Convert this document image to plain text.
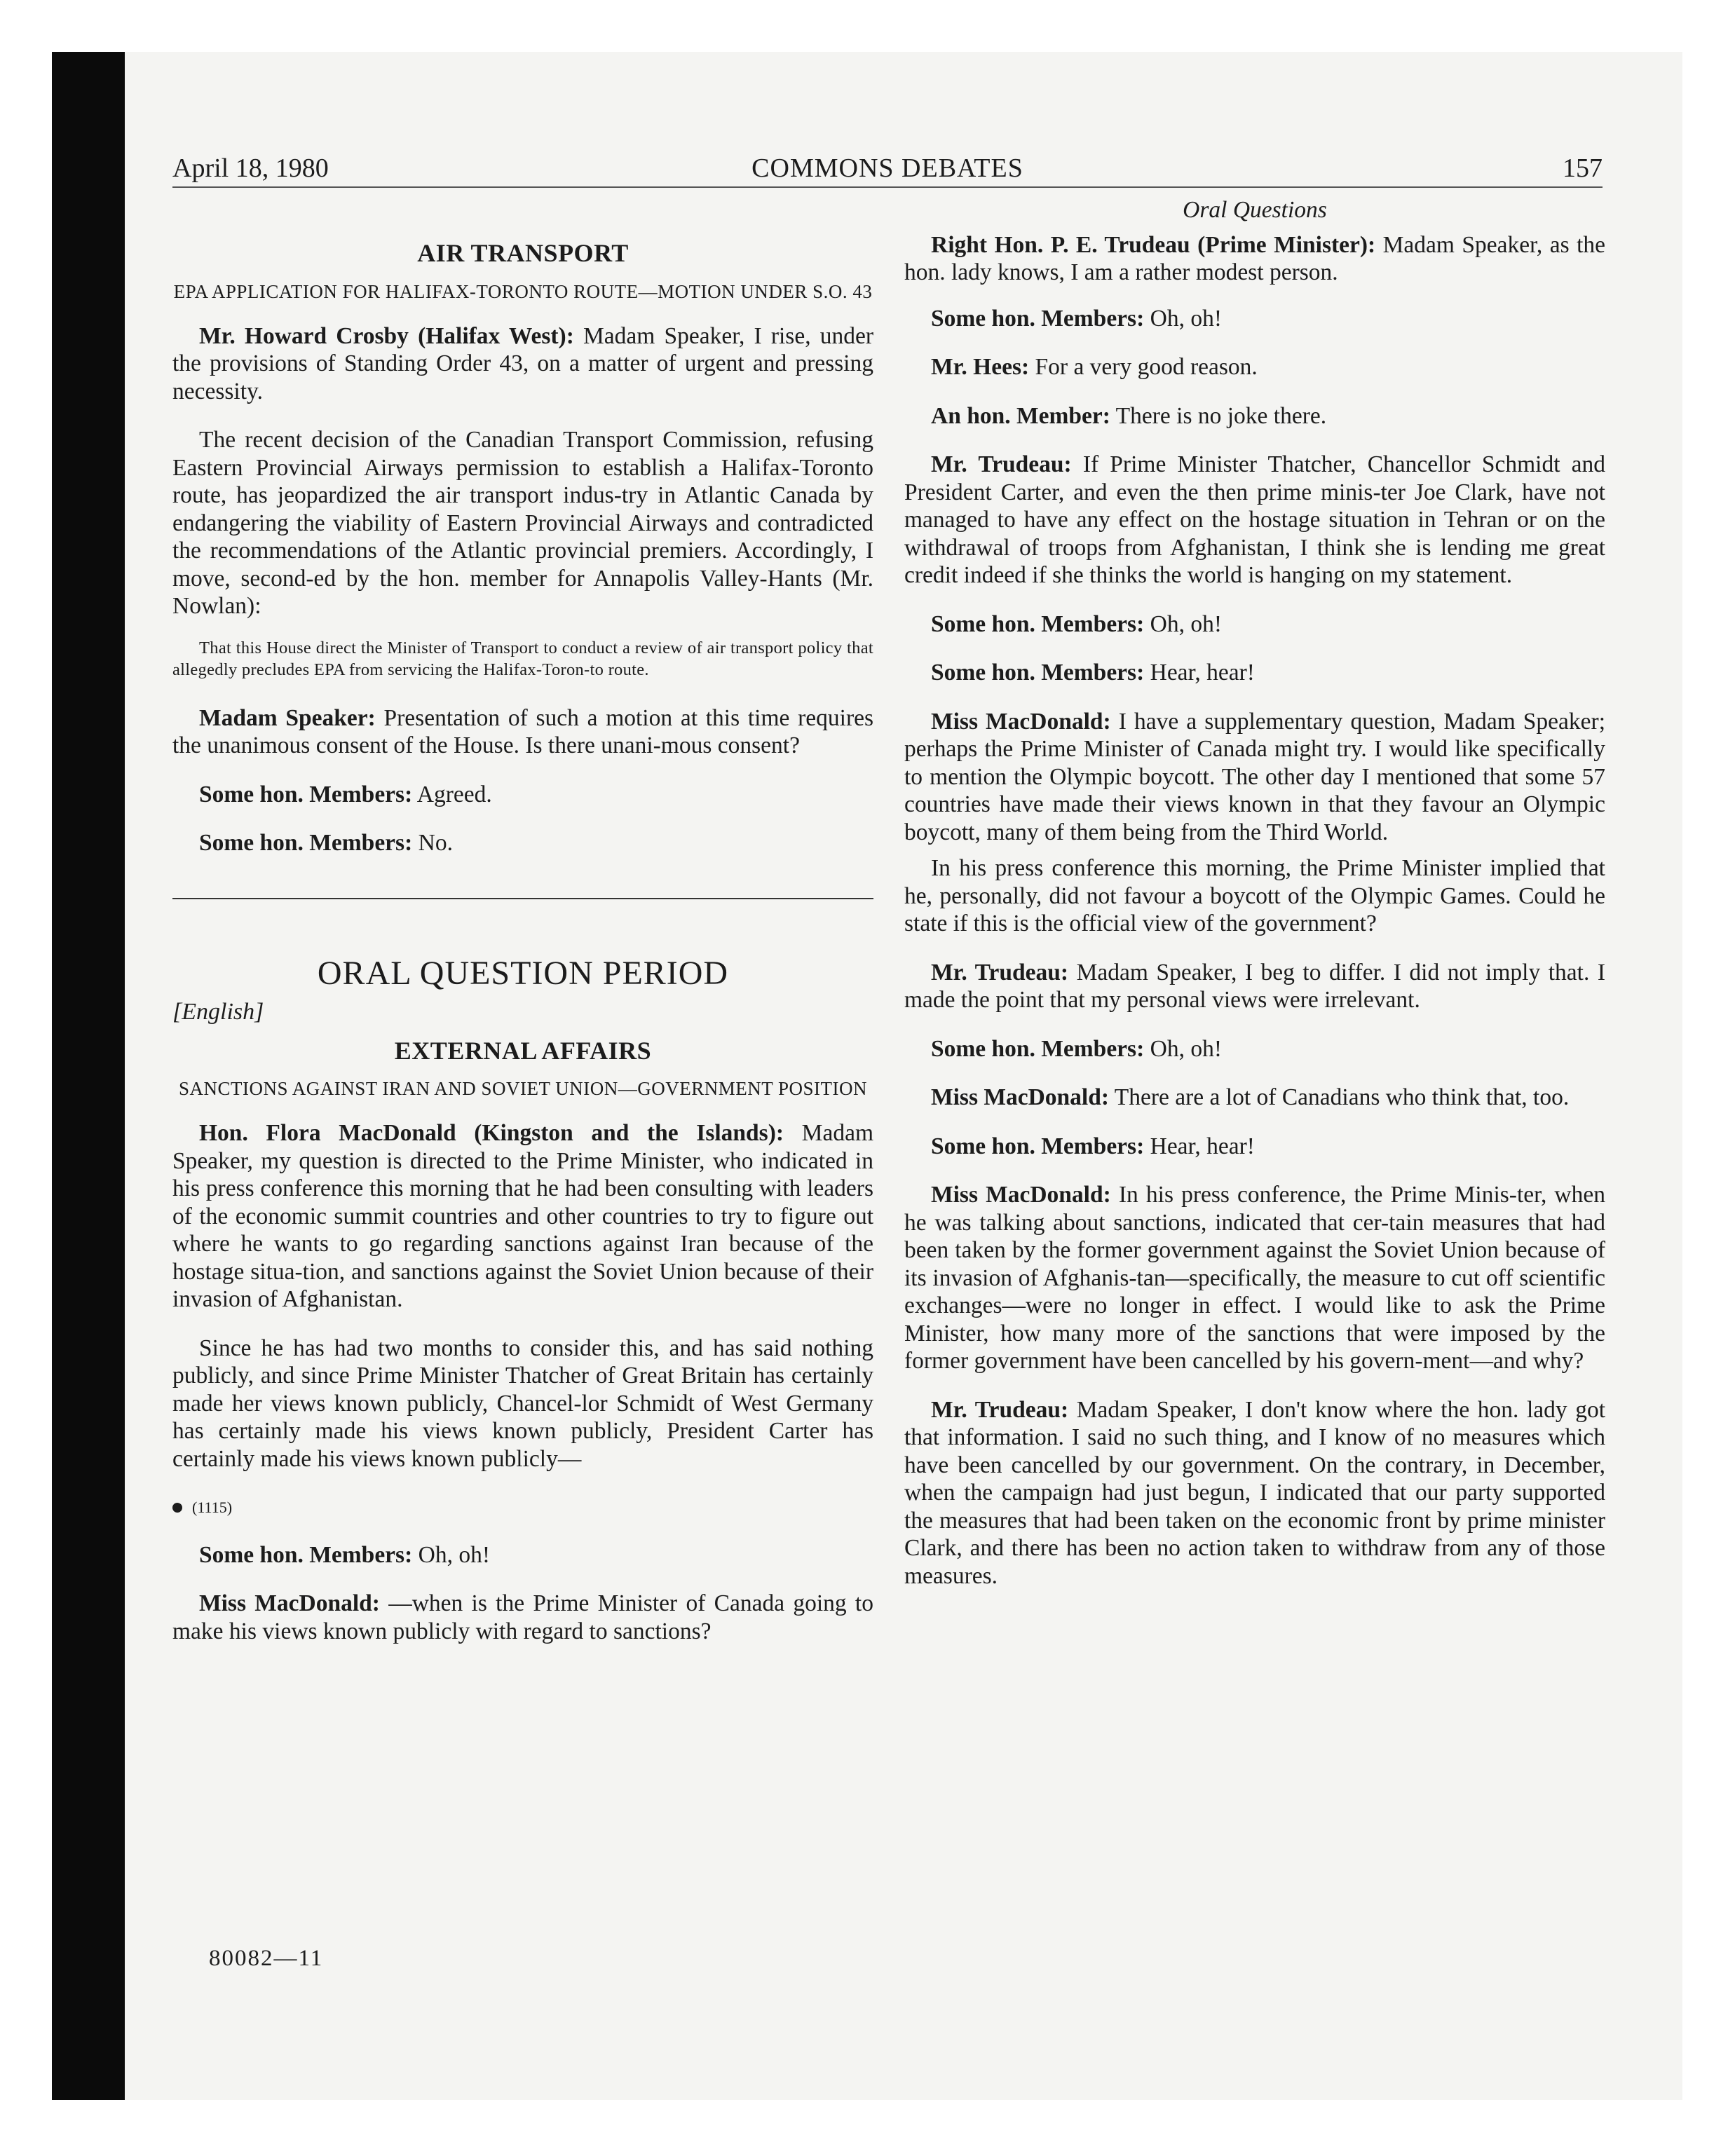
April 18, 1980	COMMONS DEBATES	157
AIR TRANSPORT
EPA APPLICATION FOR HALIFAX-TORONTO ROUTE—MOTION UNDER S.O. 43

Mr. Howard Crosby (Halifax West): Madam Speaker, I rise, under the provisions of Standing Order 43, on a matter of urgent and pressing necessity.

The recent decision of the Canadian Transport Commission, refusing Eastern Provincial Airways permission to establish a Halifax-Toronto route, has jeopardized the air transport indus-try in Atlantic Canada by endangering the viability of Eastern Provincial Airways and contradicted the recommendations of the Atlantic provincial premiers. Accordingly, I move, second-ed by the hon. member for Annapolis Valley-Hants (Mr. Nowlan):

That this House direct the Minister of Transport to conduct a review of air transport policy that allegedly precludes EPA from servicing the Halifax-Toron-to route.

Madam Speaker: Presentation of such a motion at this time requires the unanimous consent of the House. Is there unani-mous consent?

Some hon. Members: Agreed.

Some hon. Members: No.

ORAL QUESTION PERIOD
[English]
EXTERNAL AFFAIRS
SANCTIONS AGAINST IRAN AND SOVIET UNION—GOVERNMENT POSITION

Hon. Flora MacDonald (Kingston and the Islands): Madam Speaker, my question is directed to the Prime Minister, who indicated in his press conference this morning that he had been consulting with leaders of the economic summit countries and other countries to try to figure out where he wants to go regarding sanctions against Iran because of the hostage situa-tion, and sanctions against the Soviet Union because of their invasion of Afghanistan.

Since he has had two months to consider this, and has said nothing publicly, and since Prime Minister Thatcher of Great Britain has certainly made her views known publicly, Chancel-lor Schmidt of West Germany has certainly made his views known publicly, President Carter has certainly made his views known publicly—

(1115)

Some hon. Members: Oh, oh!

Miss MacDonald: —when is the Prime Minister of Canada going to make his views known publicly with regard to sanctions?

Oral Questions

Right Hon. P. E. Trudeau (Prime Minister): Madam Speaker, as the hon. lady knows, I am a rather modest person.

Some hon. Members: Oh, oh!

Mr. Hees: For a very good reason.

An hon. Member: There is no joke there.

Mr. Trudeau: If Prime Minister Thatcher, Chancellor Schmidt and President Carter, and even the then prime minis-ter Joe Clark, have not managed to have any effect on the hostage situation in Tehran or on the withdrawal of troops from Afghanistan, I think she is lending me great credit indeed if she thinks the world is hanging on my statement.

Some hon. Members: Oh, oh!

Some hon. Members: Hear, hear!

Miss MacDonald: I have a supplementary question, Madam Speaker; perhaps the Prime Minister of Canada might try. I would like specifically to mention the Olympic boycott. The other day I mentioned that some 57 countries have made their views known in that they favour an Olympic boycott, many of them being from the Third World.

In his press conference this morning, the Prime Minister implied that he, personally, did not favour a boycott of the Olympic Games. Could he state if this is the official view of the government?

Mr. Trudeau: Madam Speaker, I beg to differ. I did not imply that. I made the point that my personal views were irrelevant.

Some hon. Members: Oh, oh!

Miss MacDonald: There are a lot of Canadians who think that, too.

Some hon. Members: Hear, hear!

Miss MacDonald: In his press conference, the Prime Minis-ter, when he was talking about sanctions, indicated that cer-tain measures that had been taken by the former government against the Soviet Union because of its invasion of Afghanis-tan—specifically, the measure to cut off scientific exchanges—were no longer in effect. I would like to ask the Prime Minister, how many more of the sanctions that were imposed by the former government have been cancelled by his govern-ment—and why?

Mr. Trudeau: Madam Speaker, I don't know where the hon. lady got that information. I said no such thing, and I know of no measures which have been cancelled by our government. On the contrary, in December, when the campaign had just begun, I indicated that our party supported the measures that had been taken on the economic front by prime minister Clark, and there has been no action taken to withdraw from any of those measures.

80082—11
